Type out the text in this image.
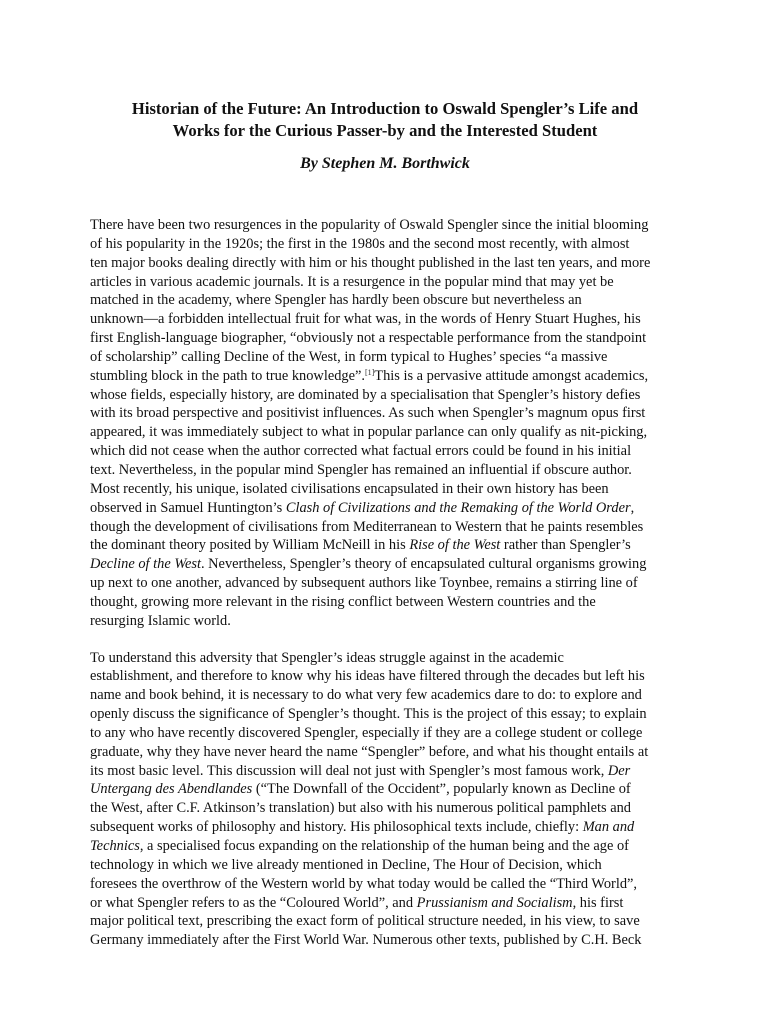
Historian of the Future: An Introduction to Oswald Spengler’s Life and
Works for the Curious Passer-by and the Interested Student

By Stephen M. Borthwick

There have been two resurgences in the popularity of Oswald Spengler since the initial blooming
of his popularity in the 1920s; the first in the 1980s and the second most recently, with almost
ten major books dealing directly with him or his thought published in the last ten years, and more
articles in various academic journals. It is a resurgence in the popular mind that may yet be
matched in the academy, where Spengler has hardly been obscure but nevertheless an
unknown—a forbidden intellectual fruit for what was, in the words of Henry Stuart Hughes, his
first English-language biographer, “obviously not a respectable performance from the standpoint
of scholarship” calling Decline of the West, in form typical to Hughes’ species “a massive
stumbling block in the path to true knowledge”.[1]This is a pervasive attitude amongst academics,
whose fields, especially history, are dominated by a specialisation that Spengler’s history defies
with its broad perspective and positivist influences. As such when Spengler’s magnum opus first
appeared, it was immediately subject to what in popular parlance can only qualify as nit-picking,
which did not cease when the author corrected what factual errors could be found in his initial
text. Nevertheless, in the popular mind Spengler has remained an influential if obscure author.
Most recently, his unique, isolated civilisations encapsulated in their own history has been
observed in Samuel Huntington’s Clash of Civilizations and the Remaking of the World Order,
though the development of civilisations from Mediterranean to Western that he paints resembles
the dominant theory posited by William McNeill in his Rise of the West rather than Spengler’s
Decline of the West. Nevertheless, Spengler’s theory of encapsulated cultural organisms growing
up next to one another, advanced by subsequent authors like Toynbee, remains a stirring line of
thought, growing more relevant in the rising conflict between Western countries and the
resurging Islamic world.
To understand this adversity that Spengler’s ideas struggle against in the academic
establishment, and therefore to know why his ideas have filtered through the decades but left his
name and book behind, it is necessary to do what very few academics dare to do: to explore and
openly discuss the significance of Spengler’s thought. This is the project of this essay; to explain
to any who have recently discovered Spengler, especially if they are a college student or college
graduate, why they have never heard the name “Spengler” before, and what his thought entails at
its most basic level. This discussion will deal not just with Spengler’s most famous work, Der
Untergang des Abendlandes (“The Downfall of the Occident”, popularly known as Decline of
the West, after C.F. Atkinson’s translation) but also with his numerous political pamphlets and
subsequent works of philosophy and history. His philosophical texts include, chiefly: Man and
Technics, a specialised focus expanding on the relationship of the human being and the age of
technology in which we live already mentioned in Decline, The Hour of Decision, which
foresees the overthrow of the Western world by what today would be called the “Third World”,
or what Spengler refers to as the “Coloured World”, and Prussianism and Socialism, his first
major political text, prescribing the exact form of political structure needed, in his view, to save
Germany immediately after the First World War. Numerous other texts, published by C.H. Beck
